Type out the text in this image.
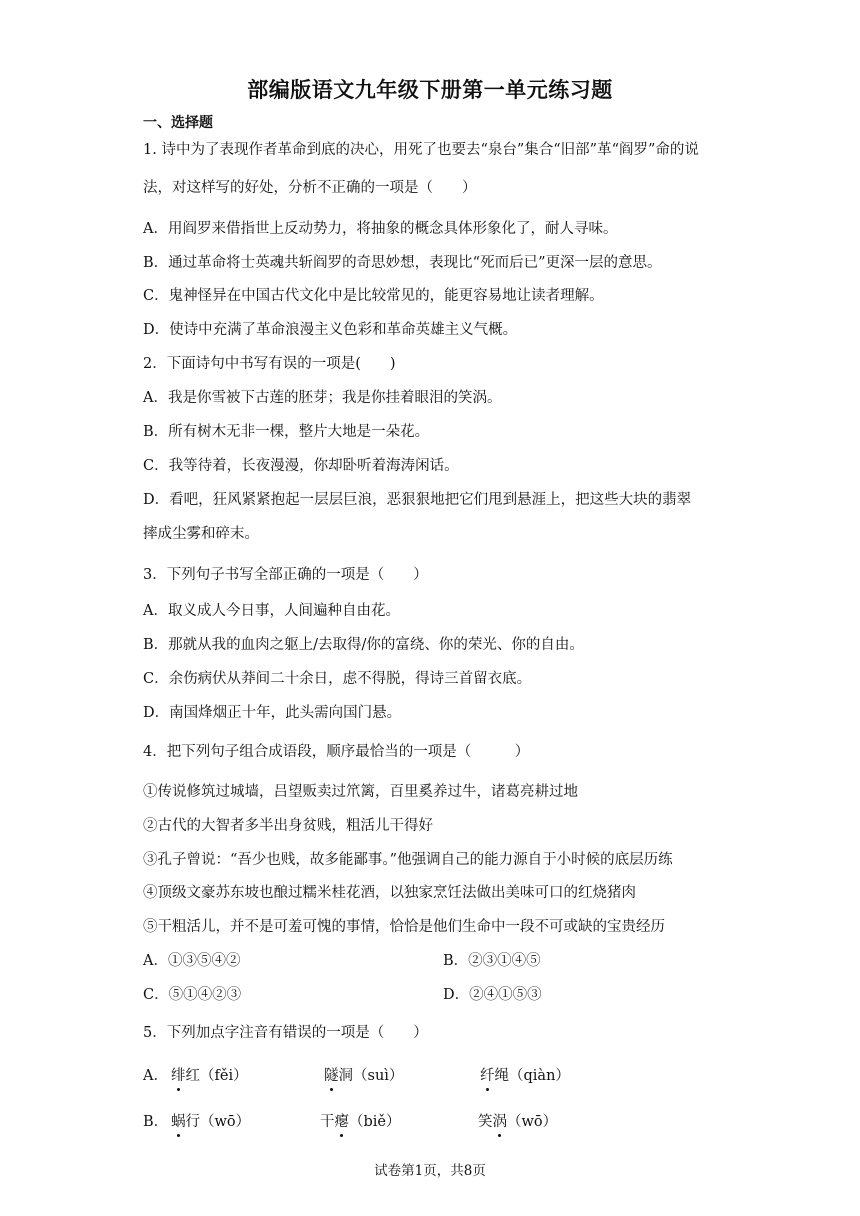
部编版语文九年级下册第一单元练习题
一、选择题
1. 诗中为了表现作者革命到底的决心，用死了也要去“泉台”集合“旧部”革“阎罗”命的说
法，对这样写的好处，分析不正确的一项是（　　）
A．用阎罗来借指世上反动势力，将抽象的概念具体形象化了，耐人寻味。
B．通过革命将士英魂共斩阎罗的奇思妙想，表现比“死而后已”更深一层的意思。
C．鬼神怪异在中国古代文化中是比较常见的，能更容易地让读者理解。
D．使诗中充满了革命浪漫主义色彩和革命英雄主义气概。
2．下面诗句中书写有误的一项是(　　)
A．我是你雪被下古莲的胚芽；我是你挂着眼泪的笑涡。
B．所有树木无非一棵，整片大地是一朵花。
C．我等待着，长夜漫漫，你却卧听着海涛闲话。
D．看吧，狂风紧紧抱起一层层巨浪，恶狠狠地把它们甩到悬涯上，把这些大块的翡翠
摔成尘雾和碎末。
3．下列句子书写全部正确的一项是（　　）
A．取义成人今日事，人间遍种自由花。
B．那就从我的血肉之躯上/去取得/你的富绕、你的荣光、你的自由。
C．余伤病伏从莽间二十余日，虑不得脱，得诗三首留衣底。
D．南国烽烟正十年，此头需向国门悬。
4．把下列句子组合成语段，顺序最恰当的一项是（　　　）
①传说修筑过城墙，吕望贩卖过笊篱，百里奚养过牛，诸葛亮耕过地
②古代的大智者多半出身贫贱，粗活儿干得好
③孔子曾说：“吾少也贱，故多能鄙事。”他强调自己的能力源自于小时候的底层历练
④顶级文豪苏东坡也酿过糯米桂花酒，以独家烹饪法做出美味可口的红烧猪肉
⑤干粗活儿，并不是可羞可愧的事情，恰恰是他们生命中一段不可或缺的宝贵经历
A．①③⑤④②	B．②③①④⑤
C．⑤①④②③	D．②④①⑤③
5．下列加点字注音有错误的一项是（　　）
A． 绯红（fěi）	隧洞（suì）	纤绳（qiàn）
B． 蜗行（wō）	干瘪（biě）	笑涡（wō）
试卷第1页，共8页
